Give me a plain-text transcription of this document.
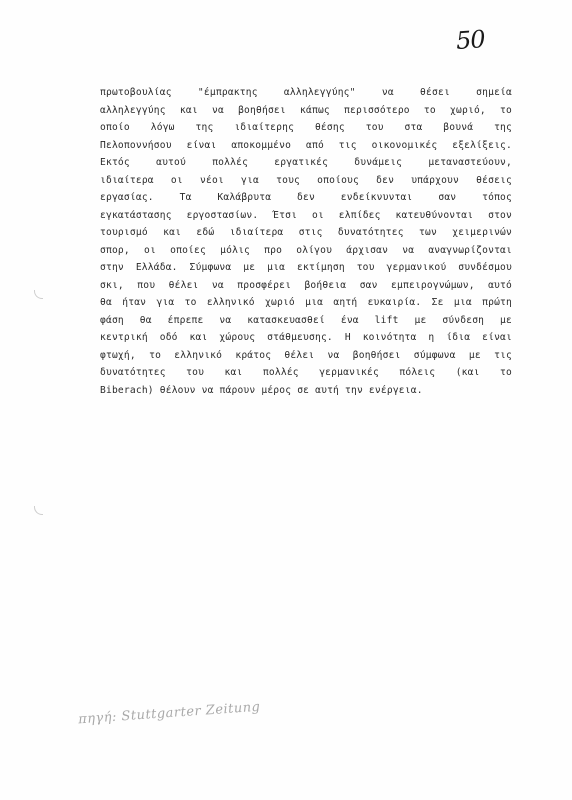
50
πρωτοβουλίας "έμπρακτης αλληλεγγύης" να θέσει σημεία
αλληλεγγύης και να βοηθήσει κάπως περισσότερο το χωριό, το
οποίο λόγω της ιδιαίτερης θέσης του στα βουνά της
Πελοποννήσου είναι αποκομμένο από τις οικονομικές εξελίξεις.
Εκτός αυτού πολλές εργατικές δυνάμεις μεταναστεύουν,
ιδιαίτερα οι νέοι για τους οποίους δεν υπάρχουν θέσεις
εργασίας. Τα Καλάβρυτα δεν ενδείκνυνται σαν τόπος
εγκατάστασης εργοστασίων. Έτσι οι ελπίδες κατευθύνονται στον
τουρισμό και εδώ ιδιαίτερα στις δυνατότητες των χειμερινών
σπορ, οι οποίες μόλις προ ολίγου άρχισαν να αναγνωρίζονται
στην Ελλάδα. Σύμφωνα με μια εκτίμηση του γερμανικού συνδέσμου
σκι, που θέλει να προσφέρει βοήθεια σαν εμπειρογνώμων, αυτό
θα ήταν για το ελληνικό χωριό μια αητή ευκαιρία. Σε μια πρώτη
φάση θα έπρεπε να κατασκευασθεί ένα lift με σύνδεση με
κεντρική οδό και χώρους στάθμευσης. Η κοινότητα η ίδια είναι
φτωχή, το ελληνικό κράτος θέλει να βοηθήσει σύμφωνα με τις
δυνατότητες του και πολλές γερμανικές πόλεις (και το
Biberach) θέλουν να πάρουν μέρος σε αυτή την ενέργεια.
πηγή: Stuttgarter Zeitung
